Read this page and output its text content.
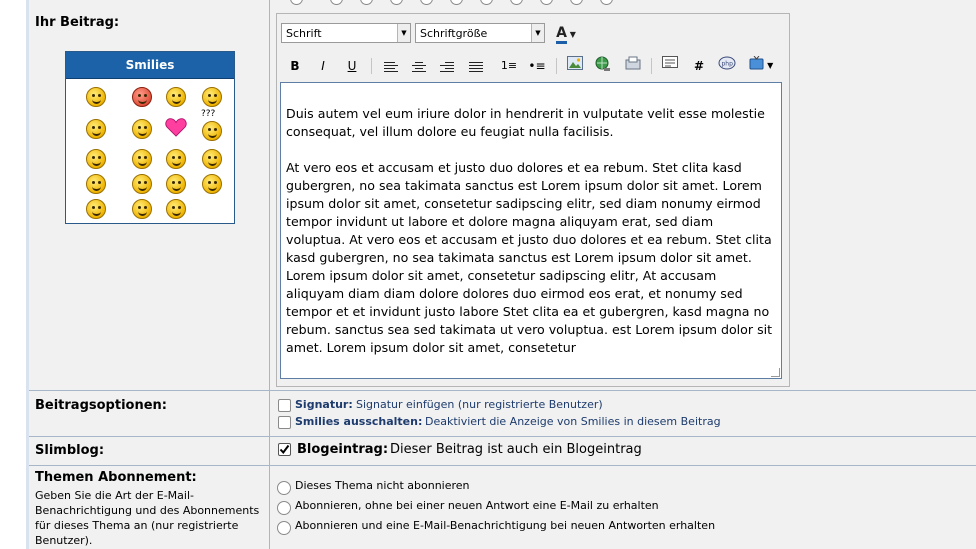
Ihr Beitrag:
Smilies
???
Schrift	▼	Schriftgröße	▼ A ▼
B	I	U	1≡ •≡	#	php	▼
Duis autem vel eum iriure dolor in hendrerit in vulputate velit esse molestie consequat, vel illum dolore eu feugiat nulla facilisis.

At vero eos et accusam et justo duo dolores et ea rebum. Stet clita kasd gubergren, no sea takimata sanctus est Lorem ipsum dolor sit amet. Lorem ipsum dolor sit amet, consetetur sadipscing elitr, sed diam nonumy eirmod tempor invidunt ut labore et dolore magna aliquyam erat, sed diam voluptua. At vero eos et accusam et justo duo dolores et ea rebum. Stet clita kasd gubergren, no sea takimata sanctus est Lorem ipsum dolor sit amet. Lorem ipsum dolor sit amet, consetetur sadipscing elitr, At accusam aliquyam diam diam dolore dolores duo eirmod eos erat, et nonumy sed tempor et et invidunt justo labore Stet clita ea et gubergren, kasd magna no rebum. sanctus sea sed takimata ut vero voluptua. est Lorem ipsum dolor sit amet. Lorem ipsum dolor sit amet, consetetur
Beitragsoptionen:	Signatur: Signatur einfügen (nur registrierte Benutzer)
Smilies ausschalten: Deaktiviert die Anzeige von Smilies in diesem Beitrag
Slimblog:	Blogeintrag: Dieser Beitrag ist auch ein Blogeintrag
Themen Abonnement:
Geben Sie die Art der E-Mail-Benachrichtigung und des Abonnements für dieses Thema an (nur registrierte Benutzer).
Dieses Thema nicht abonnieren
Abonnieren, ohne bei einer neuen Antwort eine E-Mail zu erhalten
Abonnieren und eine E-Mail-Benachrichtigung bei neuen Antworten erhalten
